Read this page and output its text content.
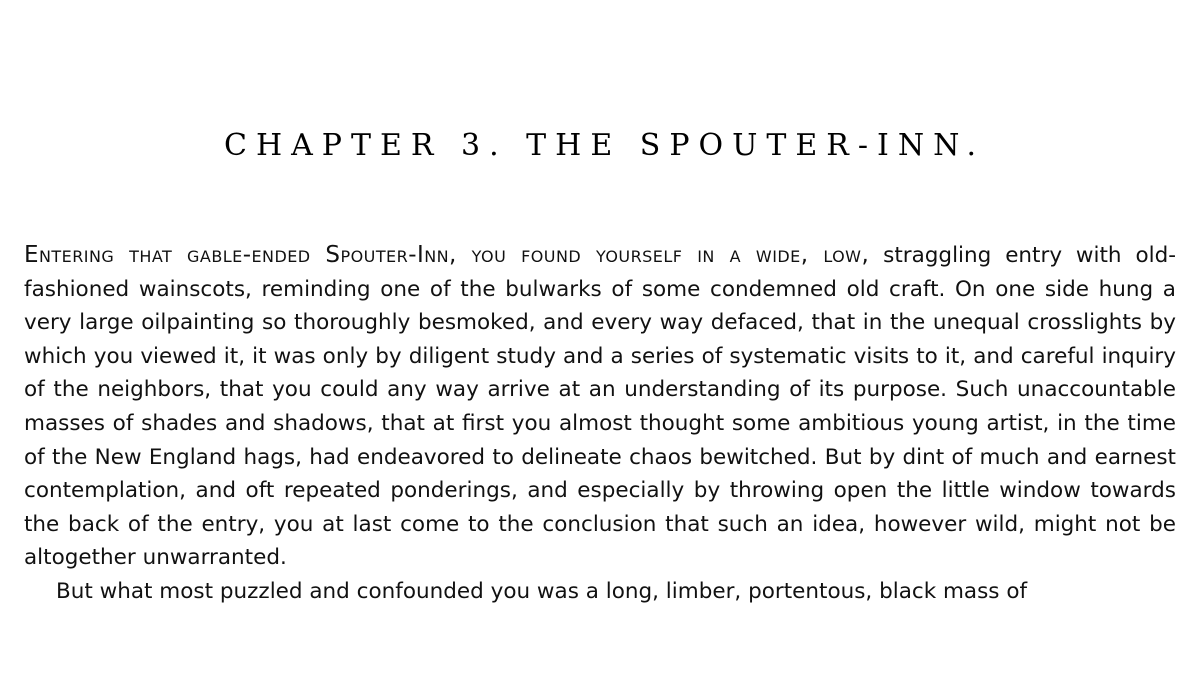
CHAPTER 3. THE SPOUTER-INN.

Entering that gable-ended Spouter-Inn, you found yourself in a wide, low, straggling entry with old-fashioned wainscots, reminding one of the bulwarks of some condemned old craft. On one side hung a very large oilpainting so thoroughly besmoked, and every way defaced, that in the unequal crosslights by which you viewed it, it was only by diligent study and a series of systematic visits to it, and careful inquiry of the neighbors, that you could any way arrive at an understanding of its purpose. Such unaccountable masses of shades and shadows, that at first you almost thought some ambitious young artist, in the time of the New England hags, had endeavored to delineate chaos bewitched. But by dint of much and earnest contemplation, and oft repeated ponderings, and especially by throwing open the little window towards the back of the entry, you at last come to the conclusion that such an idea, however wild, might not be altogether unwarranted.

But what most puzzled and confounded you was a long, limber, portentous, black mass of
